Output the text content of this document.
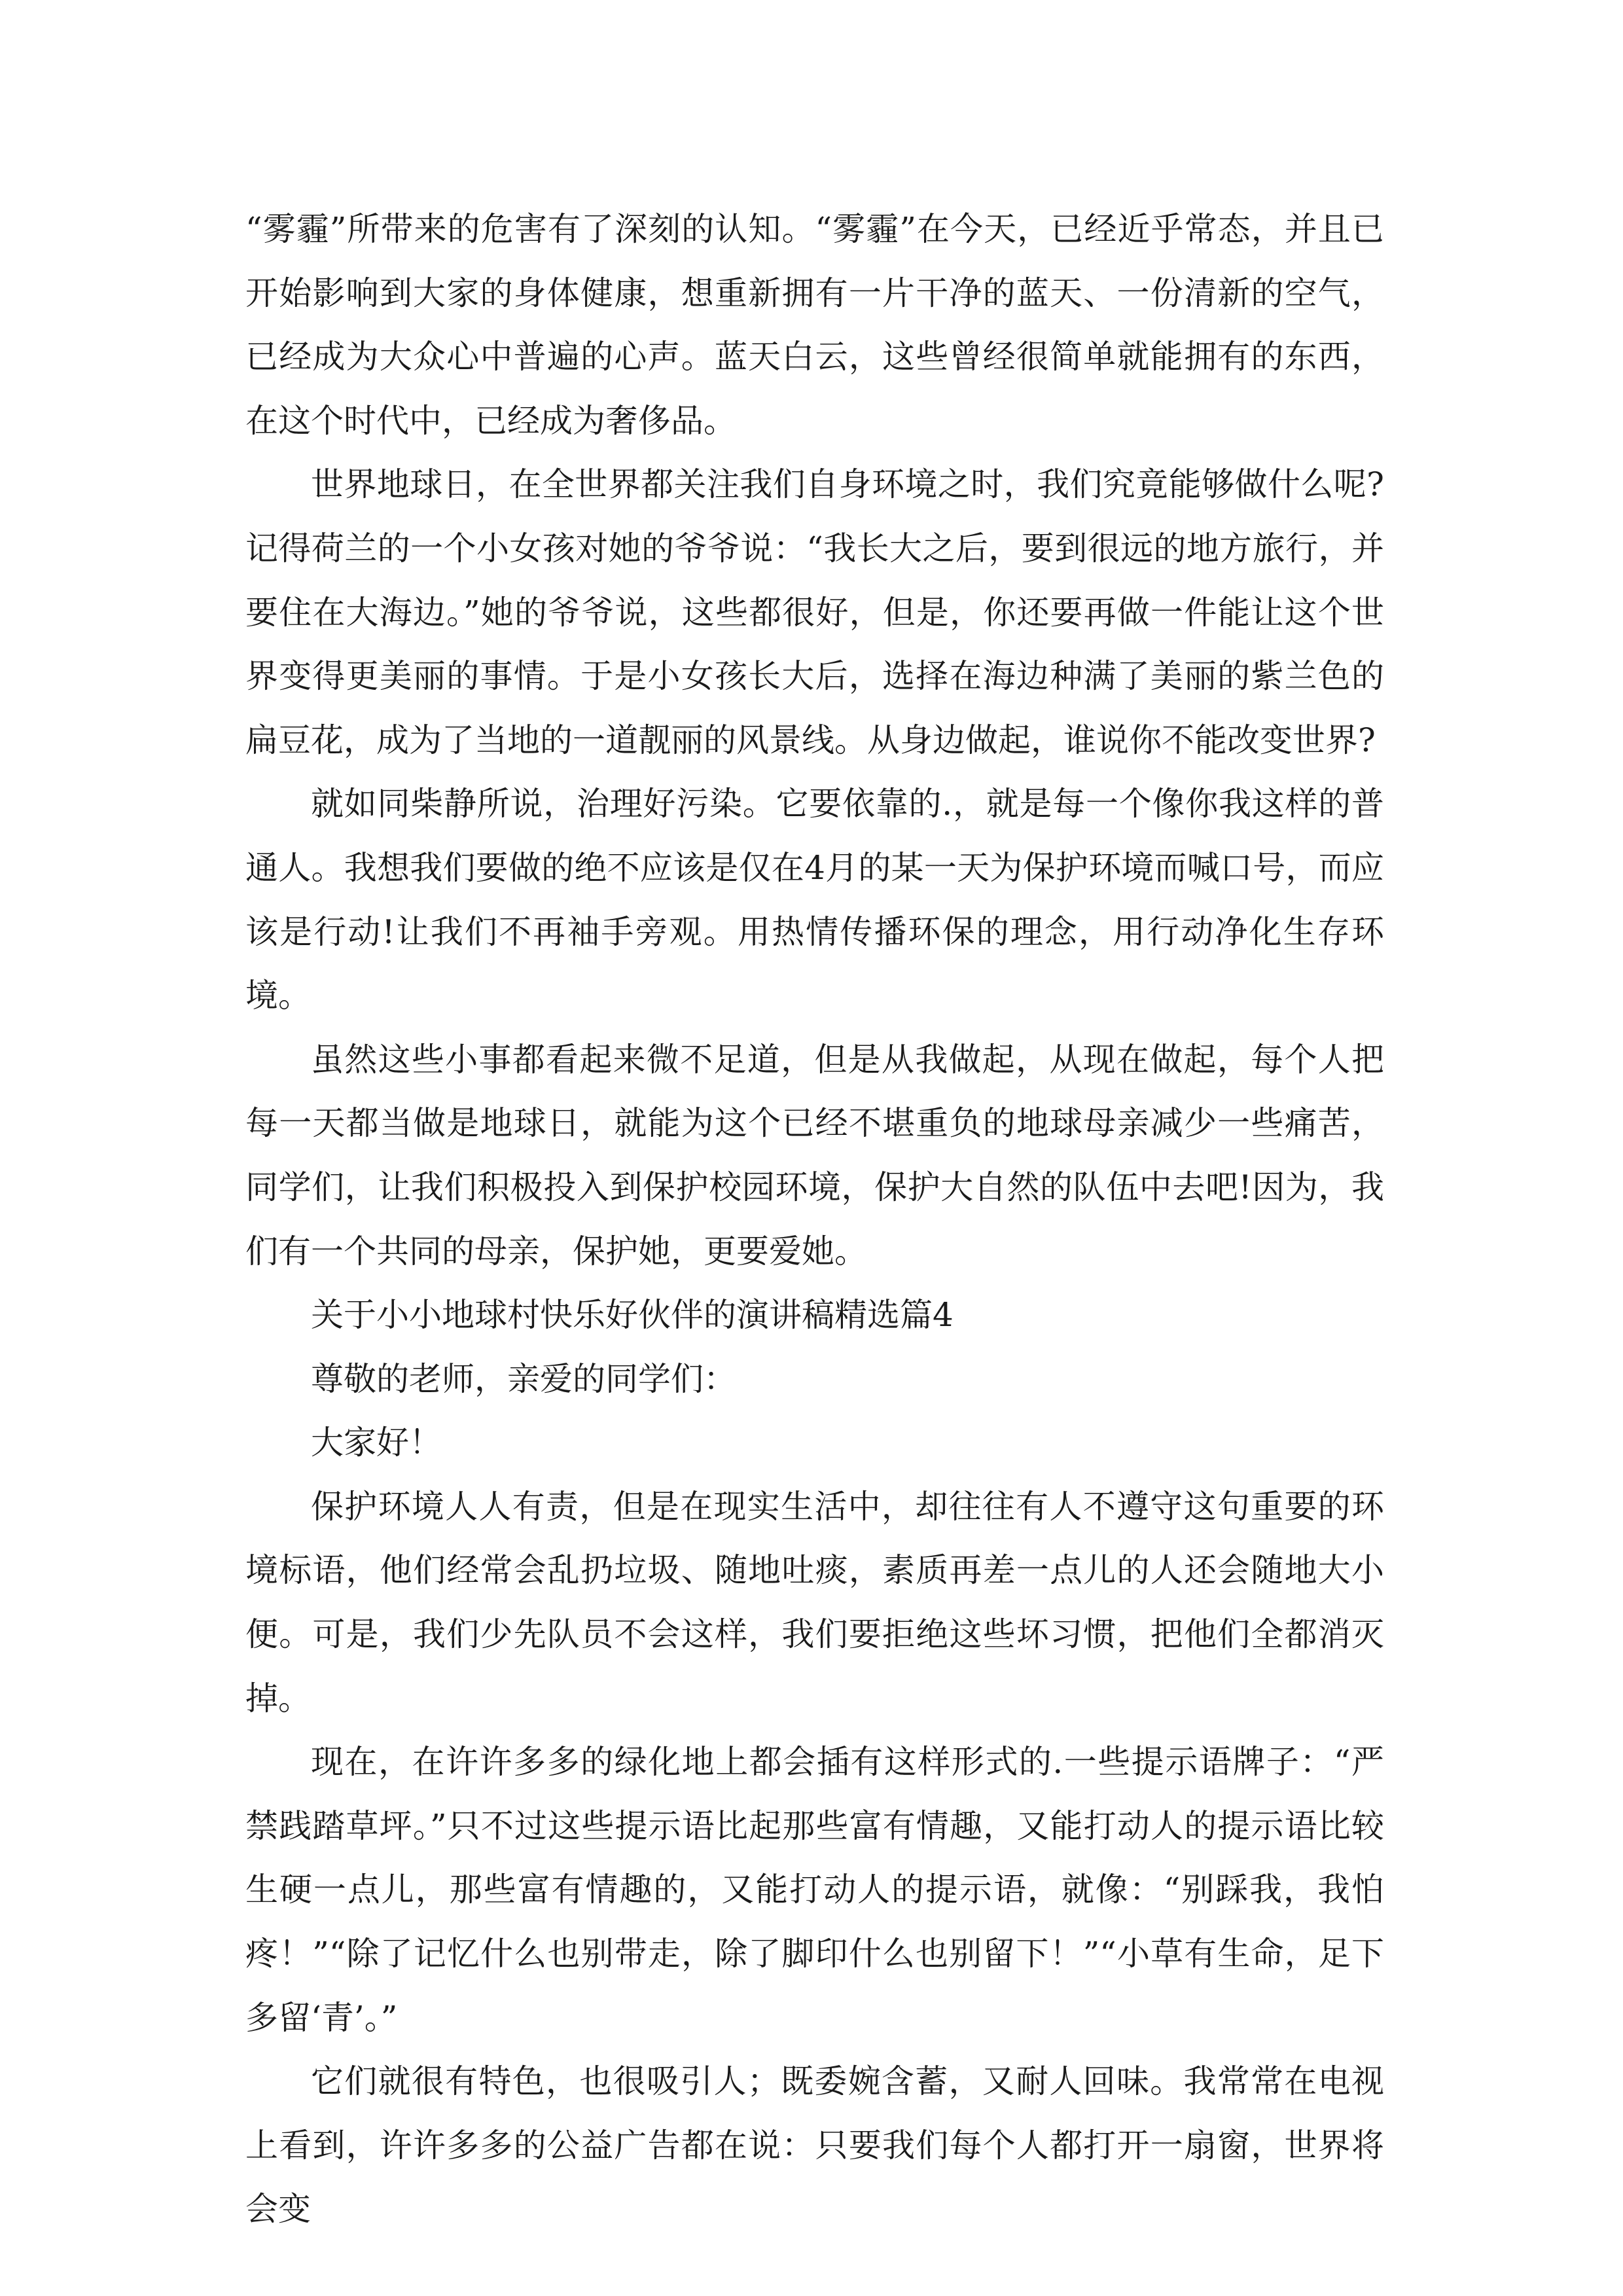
“雾霾”所带来的危害有了深刻的认知。“雾霾”在今天，已经近乎常态，并且已开始影响到大家的身体健康，想重新拥有一片干净的蓝天、一份清新的空气，已经成为大众心中普遍的心声。蓝天白云，这些曾经很简单就能拥有的东西，在这个时代中，已经成为奢侈品。

世界地球日，在全世界都关注我们自身环境之时，我们究竟能够做什么呢?记得荷兰的一个小女孩对她的爷爷说：“我长大之后，要到很远的地方旅行，并要住在大海边。”她的爷爷说，这些都很好，但是，你还要再做一件能让这个世界变得更美丽的事情。于是小女孩长大后，选择在海边种满了美丽的紫兰色的扁豆花，成为了当地的一道靓丽的风景线。从身边做起，谁说你不能改变世界?

就如同柴静所说，治理好污染。它要依靠的.，就是每一个像你我这样的普通人。我想我们要做的绝不应该是仅在4月的某一天为保护环境而喊口号，而应该是行动!让我们不再袖手旁观。用热情传播环保的理念，用行动净化生存环境。

虽然这些小事都看起来微不足道，但是从我做起，从现在做起，每个人把每一天都当做是地球日，就能为这个已经不堪重负的地球母亲减少一些痛苦，同学们，让我们积极投入到保护校园环境，保护大自然的队伍中去吧!因为，我们有一个共同的母亲，保护她，更要爱她。

关于小小地球村快乐好伙伴的演讲稿精选篇4

尊敬的老师，亲爱的同学们：

大家好！

保护环境人人有责，但是在现实生活中，却往往有人不遵守这句重要的环境标语，他们经常会乱扔垃圾、随地吐痰，素质再差一点儿的人还会随地大小便。可是，我们少先队员不会这样，我们要拒绝这些坏习惯，把他们全都消灭掉。

现在，在许许多多的绿化地上都会插有这样形式的.一些提示语牌子：“严禁践踏草坪。”只不过这些提示语比起那些富有情趣，又能打动人的提示语比较生硬一点儿，那些富有情趣的，又能打动人的提示语，就像：“别踩我，我怕疼！”“除了记忆什么也别带走，除了脚印什么也别留下！”“小草有生命，足下多留‘青’。”

它们就很有特色，也很吸引人；既委婉含蓄，又耐人回味。我常常在电视上看到，许许多多的公益广告都在说：只要我们每个人都打开一扇窗，世界将会变
